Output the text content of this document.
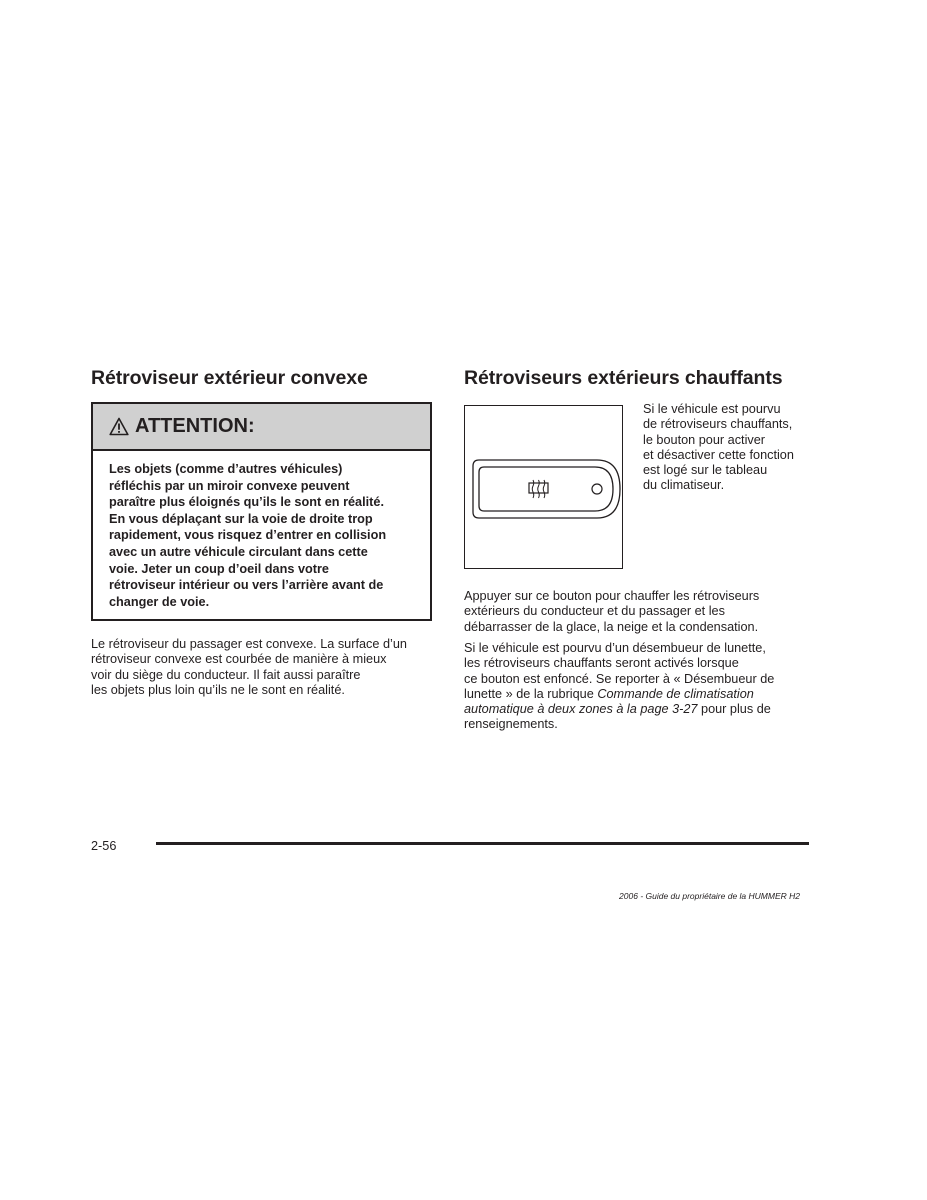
Rétroviseur extérieur convexe
ATTENTION:
Les objets (comme d’autres véhicules)
réfléchis par un miroir convexe peuvent
paraître plus éloignés qu’ils le sont en réalité.
En vous déplaçant sur la voie de droite trop
rapidement, vous risquez d’entrer en collision
avec un autre véhicule circulant dans cette
voie. Jeter un coup d’oeil dans votre
rétroviseur intérieur ou vers l’arrière avant de
changer de voie.
Le rétroviseur du passager est convexe. La surface d’un
rétroviseur convexe est courbée de manière à mieux
voir du siège du conducteur. Il fait aussi paraître
les objets plus loin qu’ils ne le sont en réalité.
Rétroviseurs extérieurs chauffants
Si le véhicule est pourvu
de rétroviseurs chauffants,
le bouton pour activer
et désactiver cette fonction
est logé sur le tableau
du climatiseur.
Appuyer sur ce bouton pour chauffer les rétroviseurs
extérieurs du conducteur et du passager et les
débarrasser de la glace, la neige et la condensation.
Si le véhicule est pourvu d’un désembueur de lunette,
les rétroviseurs chauffants seront activés lorsque
ce bouton est enfoncé. Se reporter à « Désembueur de
lunette » de la rubrique Commande de climatisation
automatique à deux zones à la page 3-27 pour plus de
renseignements.
2-56
2006 - Guide du propriétaire de la HUMMER H2
